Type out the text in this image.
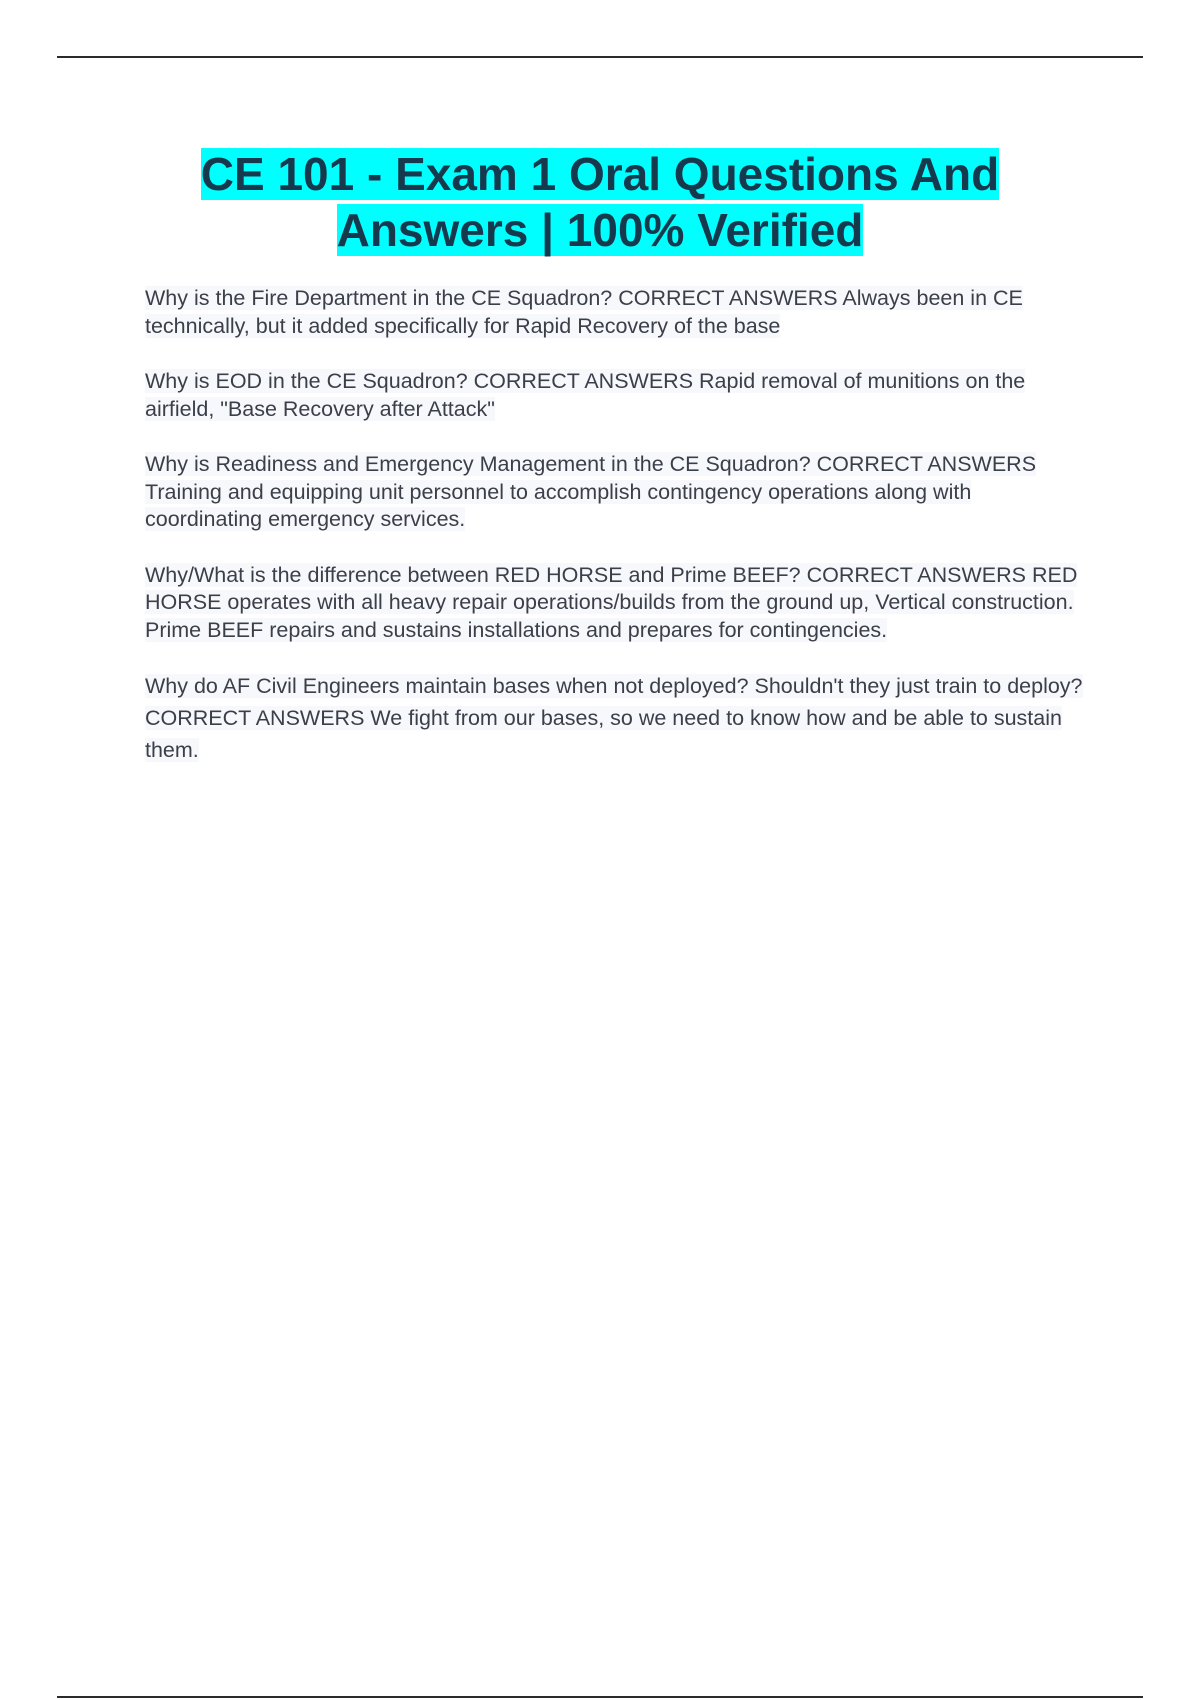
CE 101 - Exam 1 Oral Questions And Answers | 100% Verified

Why is the Fire Department in the CE Squadron? CORRECT ANSWERS Always been in CE technically, but it added specifically for Rapid Recovery of the base

Why is EOD in the CE Squadron? CORRECT ANSWERS Rapid removal of munitions on the airfield, "Base Recovery after Attack"

Why is Readiness and Emergency Management in the CE Squadron? CORRECT ANSWERS Training and equipping unit personnel to accomplish contingency operations along with coordinating emergency services.

Why/What is the difference between RED HORSE and Prime BEEF? CORRECT ANSWERS RED HORSE operates with all heavy repair operations/builds from the ground up, Vertical construction. Prime BEEF repairs and sustains installations and prepares for contingencies.

Why do AF Civil Engineers maintain bases when not deployed? Shouldn't they just train to deploy? CORRECT ANSWERS We fight from our bases, so we need to know how and be able to sustain them.
